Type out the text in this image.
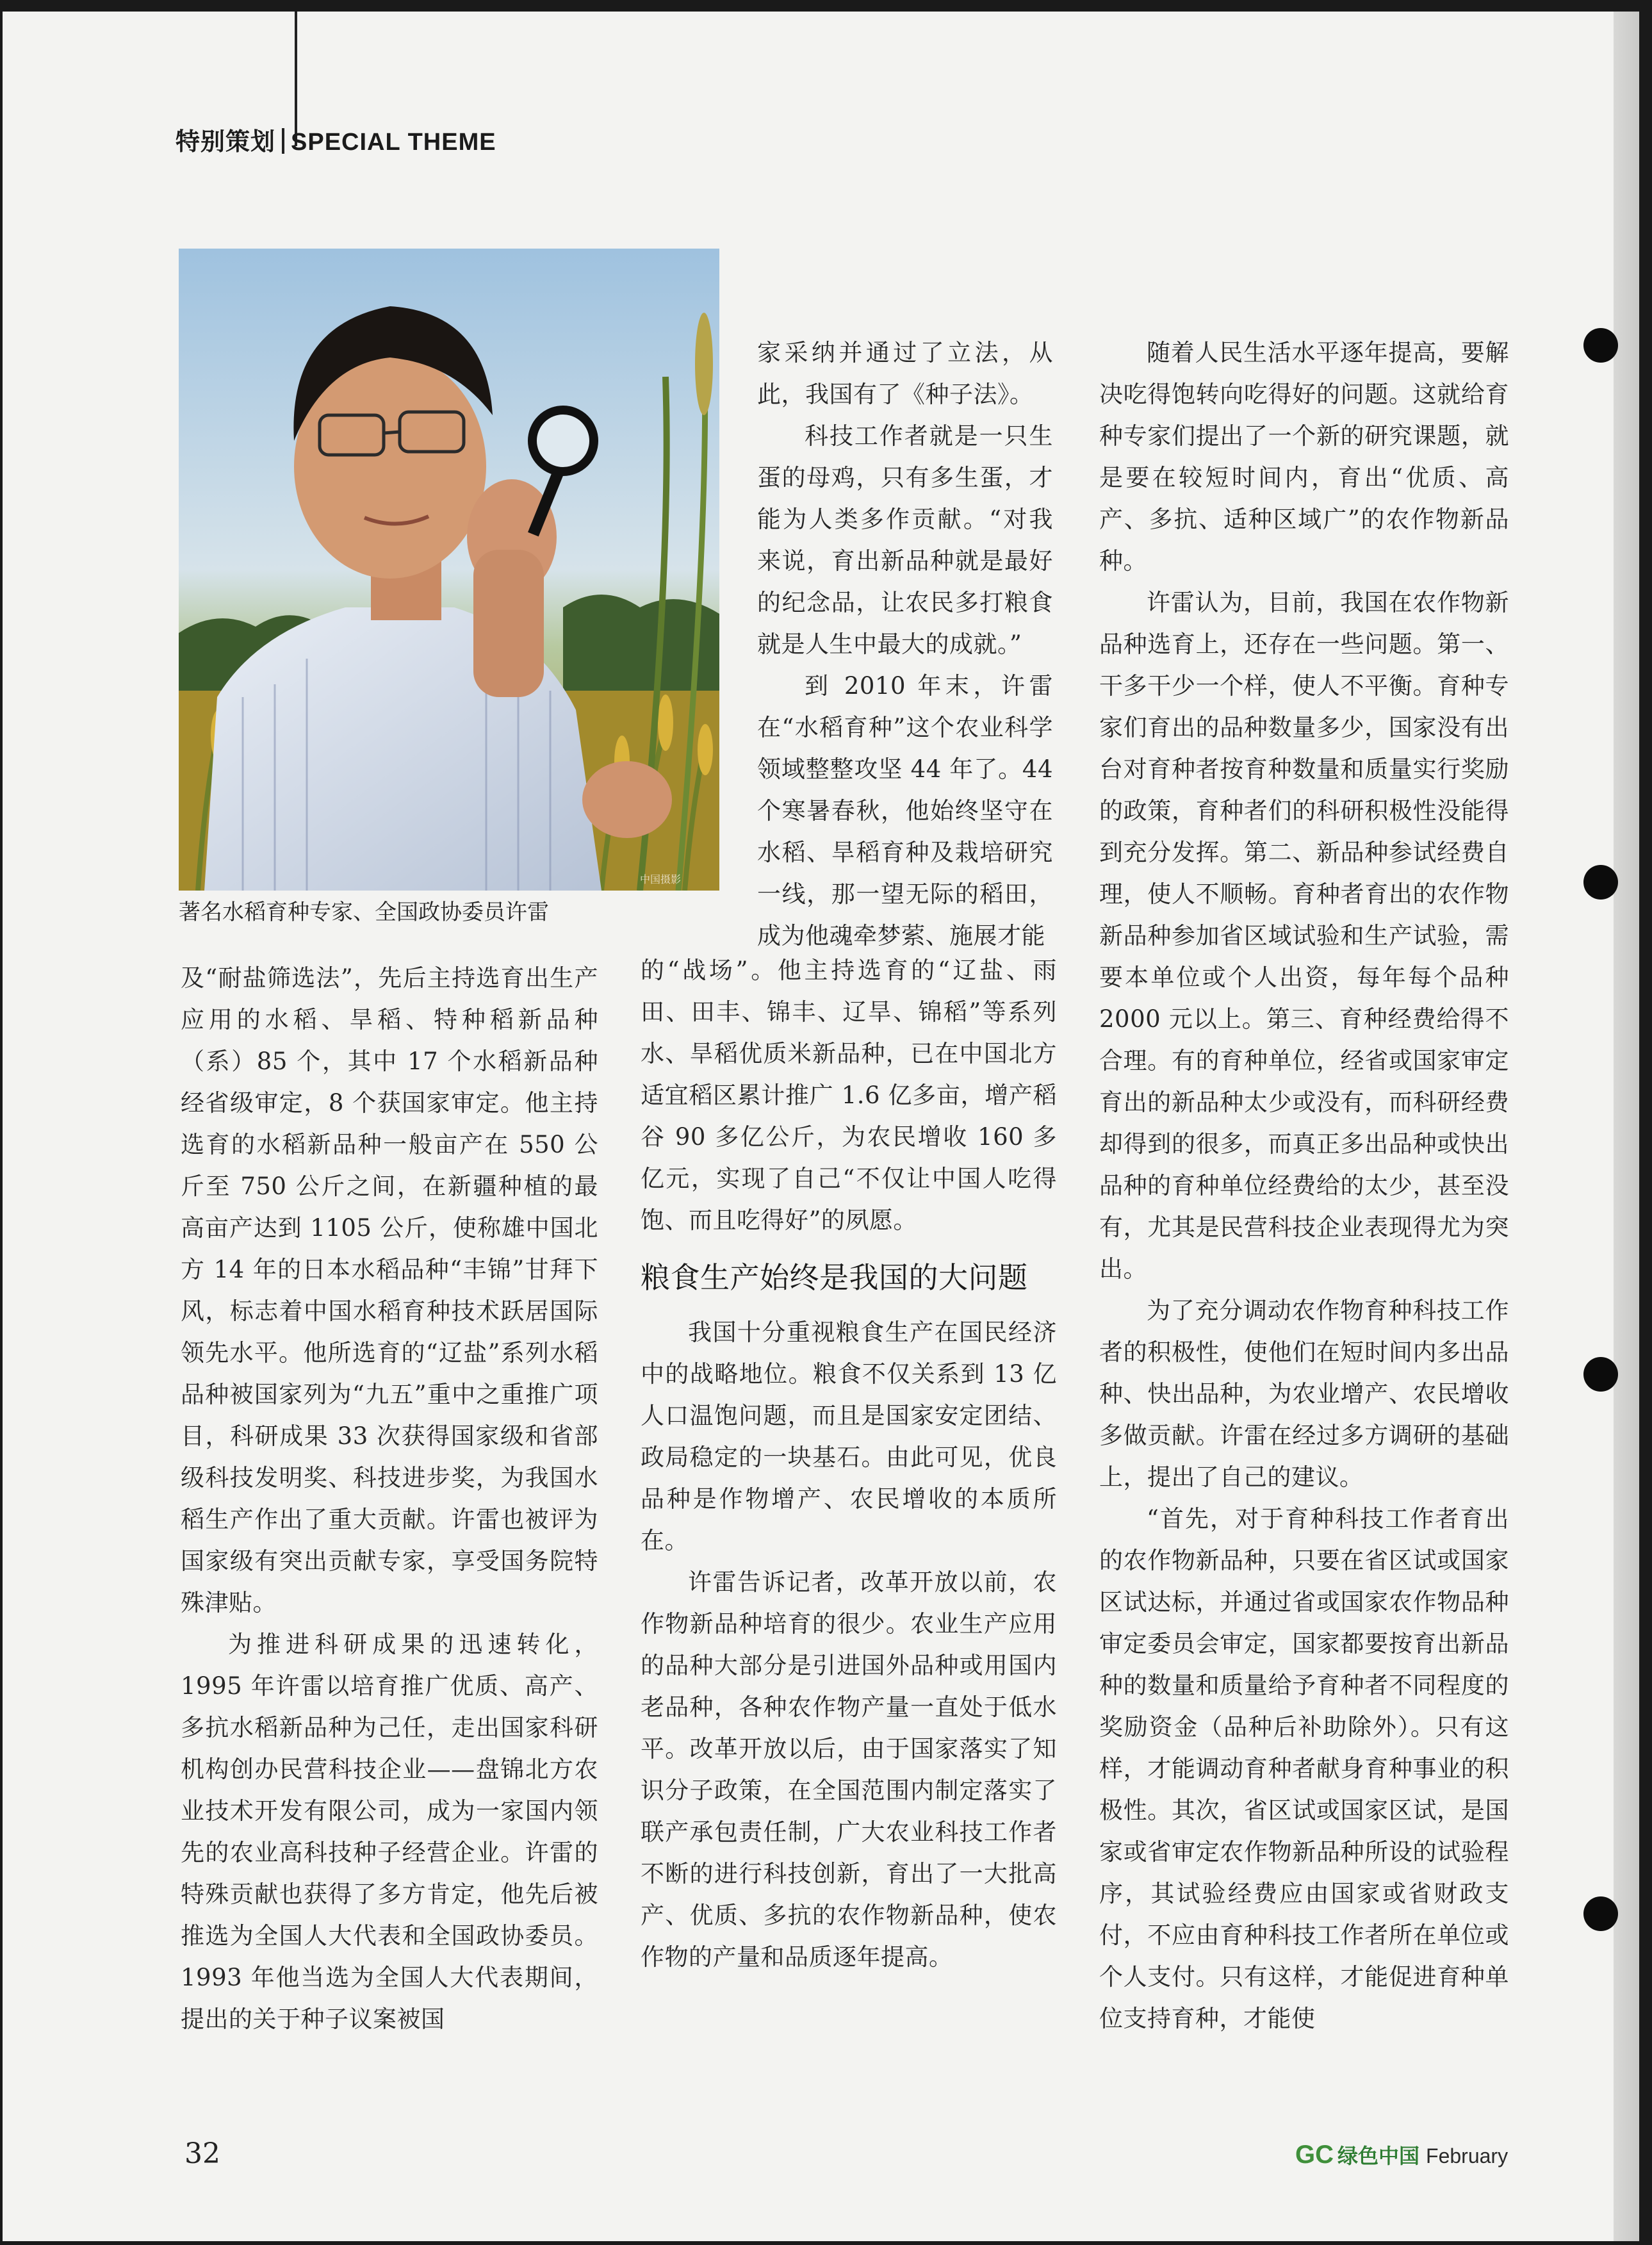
特别策划 SPECIAL THEME
中国摄影
著名水稻育种专家、全国政协委员许雷

家采纳并通过了立法，从此，我国有了《种子法》。

科技工作者就是一只生蛋的母鸡，只有多生蛋，才能为人类多作贡献。“对我来说，育出新品种就是最好的纪念品，让农民多打粮食就是人生中最大的成就。”

到 2010 年末，许雷在“水稻育种”这个农业科学领域整整攻坚 44 年了。44 个寒暑春秋，他始终坚守在水稻、旱稻育种及栽培研究一线，那一望无际的稻田，成为他魂牵梦萦、施展才能

及“耐盐筛选法”，先后主持选育出生产应用的水稻、旱稻、特种稻新品种（系）85 个，其中 17 个水稻新品种经省级审定，8 个获国家审定。他主持选育的水稻新品种一般亩产在 550 公斤至 750 公斤之间，在新疆种植的最高亩产达到 1105 公斤，使称雄中国北方 14 年的日本水稻品种“丰锦”甘拜下风，标志着中国水稻育种技术跃居国际领先水平。他所选育的“辽盐”系列水稻品种被国家列为“九五”重中之重推广项目，科研成果 33 次获得国家级和省部级科技发明奖、科技进步奖，为我国水稻生产作出了重大贡献。许雷也被评为国家级有突出贡献专家，享受国务院特殊津贴。

为推进科研成果的迅速转化，1995 年许雷以培育推广优质、高产、多抗水稻新品种为己任，走出国家科研机构创办民营科技企业——盘锦北方农业技术开发有限公司，成为一家国内领先的农业高科技种子经营企业。许雷的特殊贡献也获得了多方肯定，他先后被推选为全国人大代表和全国政协委员。1993 年他当选为全国人大代表期间，提出的关于种子议案被国

的“战场”。他主持选育的“辽盐、雨田、田丰、锦丰、辽旱、锦稻”等系列水、旱稻优质米新品种，已在中国北方适宜稻区累计推广 1.6 亿多亩，增产稻谷 90 多亿公斤，为农民增收 160 多亿元，实现了自己“不仅让中国人吃得饱、而且吃得好”的夙愿。

粮食生产始终是我国的大问题

我国十分重视粮食生产在国民经济中的战略地位。粮食不仅关系到 13 亿人口温饱问题，而且是国家安定团结、政局稳定的一块基石。由此可见，优良品种是作物增产、农民增收的本质所在。

许雷告诉记者，改革开放以前，农作物新品种培育的很少。农业生产应用的品种大部分是引进国外品种或用国内老品种，各种农作物产量一直处于低水平。改革开放以后，由于国家落实了知识分子政策，在全国范围内制定落实了联产承包责任制，广大农业科技工作者不断的进行科技创新，育出了一大批高产、优质、多抗的农作物新品种，使农作物的产量和品质逐年提高。

随着人民生活水平逐年提高，要解决吃得饱转向吃得好的问题。这就给育种专家们提出了一个新的研究课题，就是要在较短时间内，育出“优质、高产、多抗、适种区域广”的农作物新品种。

许雷认为，目前，我国在农作物新品种选育上，还存在一些问题。第一、干多干少一个样，使人不平衡。育种专家们育出的品种数量多少，国家没有出台对育种者按育种数量和质量实行奖励的政策，育种者们的科研积极性没能得到充分发挥。第二、新品种参试经费自理，使人不顺畅。育种者育出的农作物新品种参加省区域试验和生产试验，需要本单位或个人出资，每年每个品种 2000 元以上。第三、育种经费给得不合理。有的育种单位，经省或国家审定育出的新品种太少或没有，而科研经费却得到的很多，而真正多出品种或快出品种的育种单位经费给的太少，甚至没有，尤其是民营科技企业表现得尤为突出。

为了充分调动农作物育种科技工作者的积极性，使他们在短时间内多出品种、快出品种，为农业增产、农民增收多做贡献。许雷在经过多方调研的基础上，提出了自己的建议。

“首先，对于育种科技工作者育出的农作物新品种，只要在省区试或国家区试达标，并通过省或国家农作物品种审定委员会审定，国家都要按育出新品种的数量和质量给予育种者不同程度的奖励资金（品种后补助除外）。只有这样，才能调动育种者献身育种事业的积极性。其次，省区试或国家区试，是国家或省审定农作物新品种所设的试验程序，其试验经费应由国家或省财政支付，不应由育种科技工作者所在单位或个人支付。只有这样，才能促进育种单位支持育种，才能使

32	GC 绿色中国 February
